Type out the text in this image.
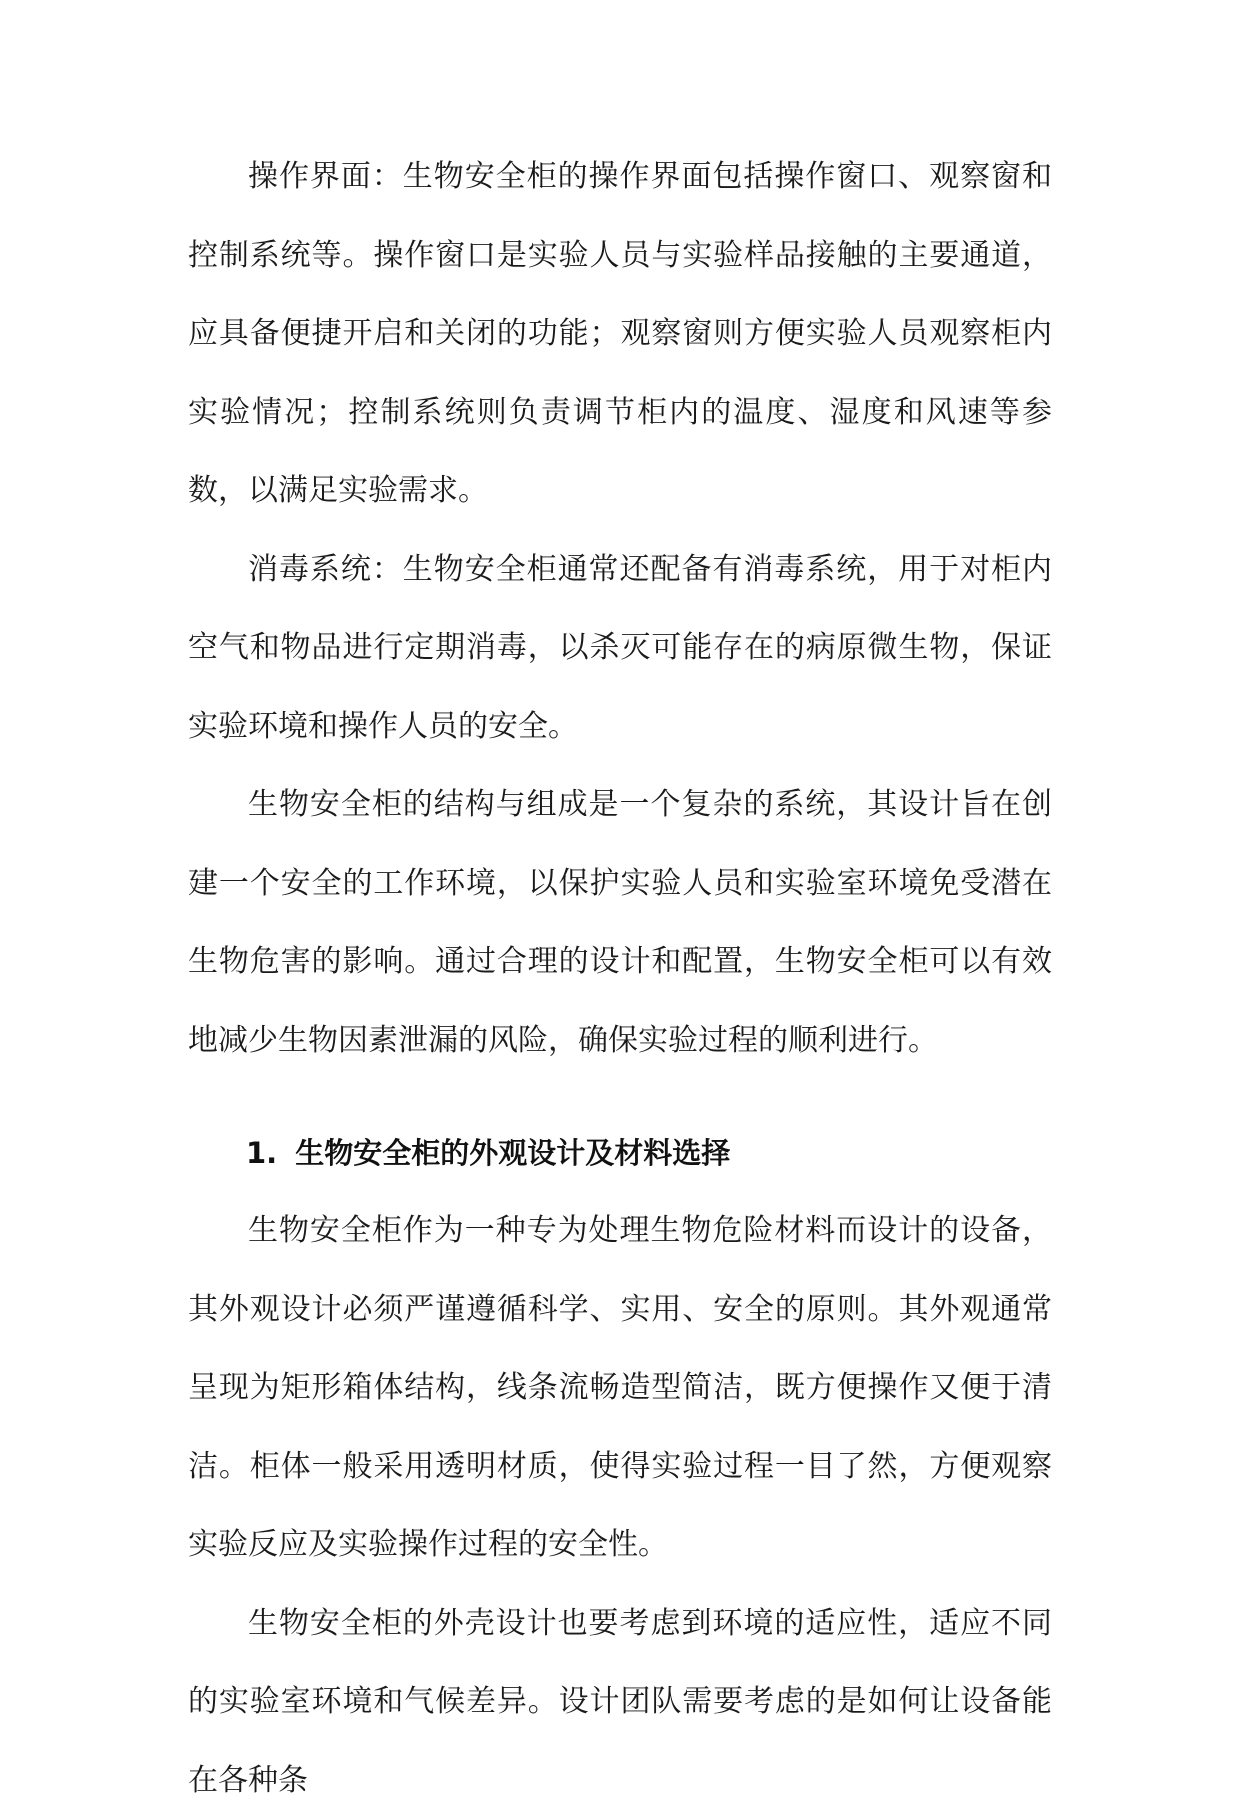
操作界面：生物安全柜的操作界面包括操作窗口、观察窗和控制系统等。操作窗口是实验人员与实验样品接触的主要通道，应具备便捷开启和关闭的功能；观察窗则方便实验人员观察柜内实验情况；控制系统则负责调节柜内的温度、湿度和风速等参数，以满足实验需求。

消毒系统：生物安全柜通常还配备有消毒系统，用于对柜内空气和物品进行定期消毒，以杀灭可能存在的病原微生物，保证实验环境和操作人员的安全。

生物安全柜的结构与组成是一个复杂的系统，其设计旨在创建一个安全的工作环境，以保护实验人员和实验室环境免受潜在生物危害的影响。通过合理的设计和配置，生物安全柜可以有效地减少生物因素泄漏的风险，确保实验过程的顺利进行。

1. 生物安全柜的外观设计及材料选择

生物安全柜作为一种专为处理生物危险材料而设计的设备，其外观设计必须严谨遵循科学、实用、安全的原则。其外观通常呈现为矩形箱体结构，线条流畅造型简洁，既方便操作又便于清洁。柜体一般采用透明材质，使得实验过程一目了然，方便观察实验反应及实验操作过程的安全性。

生物安全柜的外壳设计也要考虑到环境的适应性，适应不同的实验室环境和气候差异。设计团队需要考虑的是如何让设备能在各种条
